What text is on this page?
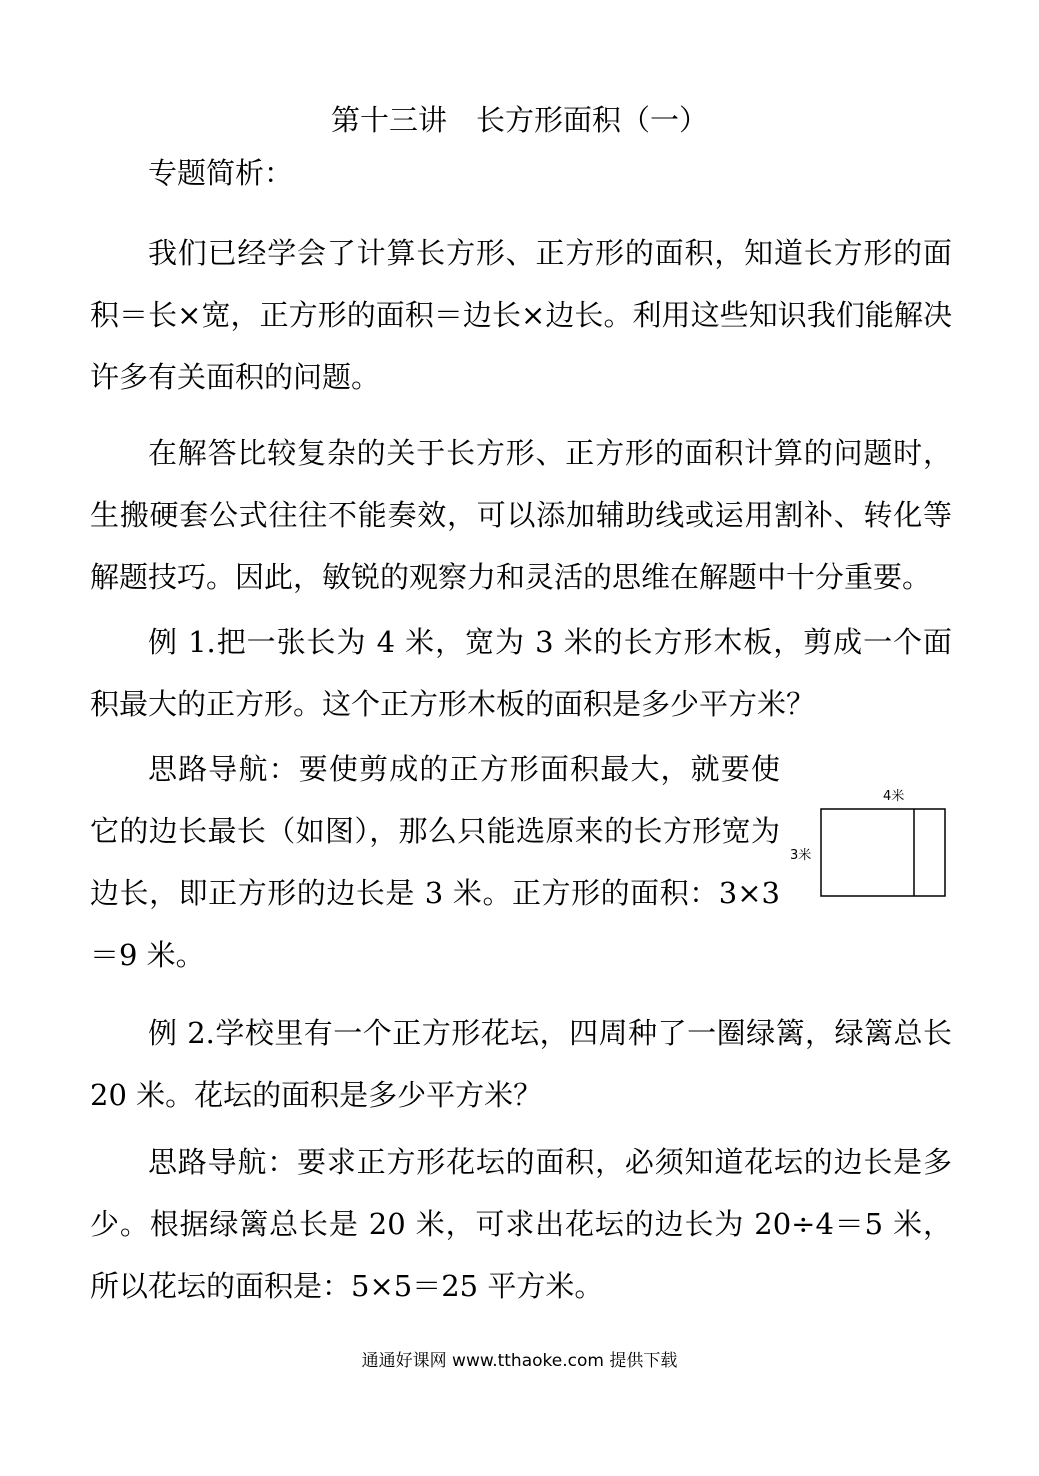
第十三讲　长方形面积（一）

专题简析：

我们已经学会了计算长方形、正方形的面积，知道长方形的面积＝长×宽，正方形的面积＝边长×边长。利用这些知识我们能解决许多有关面积的问题。

在解答比较复杂的关于长方形、正方形的面积计算的问题时，生搬硬套公式往往不能奏效，可以添加辅助线或运用割补、转化等解题技巧。因此，敏锐的观察力和灵活的思维在解题中十分重要。

例 1.把一张长为 4 米，宽为 3 米的长方形木板，剪成一个面积最大的正方形。这个正方形木板的面积是多少平方米？

思路导航：要使剪成的正方形面积最大，就要使它的边长最长（如图），那么只能选原来的长方形宽为边长，即正方形的边长是 3 米。正方形的面积：3×3＝9 米。

4米
3米

例 2.学校里有一个正方形花坛，四周种了一圈绿篱，绿篱总长 20 米。花坛的面积是多少平方米？

思路导航：要求正方形花坛的面积，必须知道花坛的边长是多少。根据绿篱总长是 20 米，可求出花坛的边长为 20÷4＝5 米，所以花坛的面积是：5×5＝25 平方米。

通通好课网 www.tthaoke.com 提供下载
